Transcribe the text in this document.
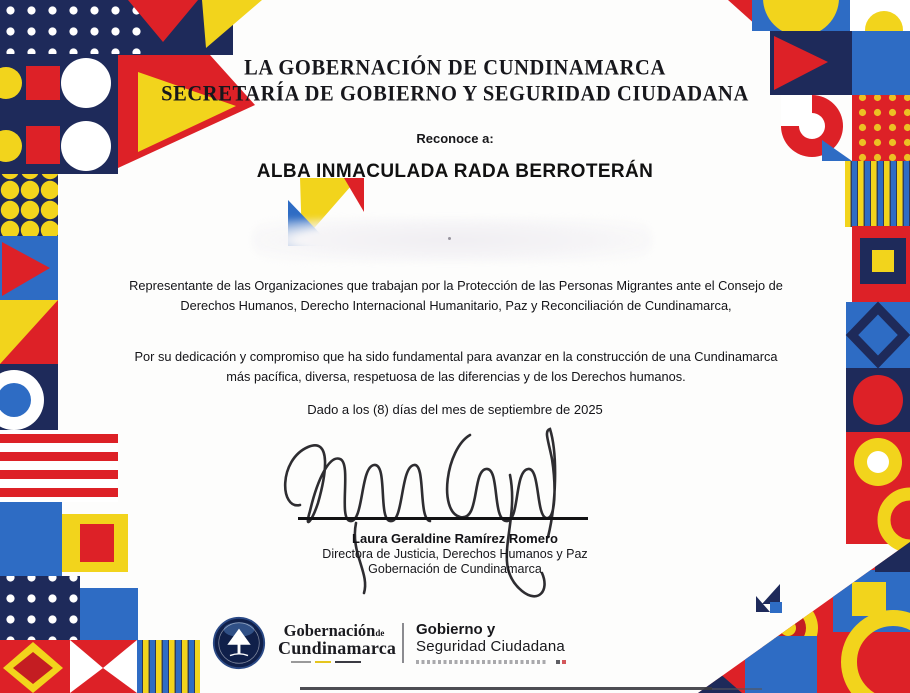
LA GOBERNACIÓN DE CUNDINAMARCA
SECRETARÍA DE GOBIERNO Y SEGURIDAD CIUDADANA
Reconoce a:
ALBA INMACULADA RADA BERROTERÁN
Representante de las Organizaciones que trabajan por la Protección de las Personas Migrantes ante el Consejo de Derechos Humanos, Derecho Internacional Humanitario, Paz y Reconciliación de Cundinamarca,
Por su dedicación y compromiso que ha sido fundamental para avanzar en la construcción de una Cundinamarca más pacífica, diversa, respetuosa de las diferencias y de los Derechos humanos.
Dado a los (8) días del mes de septiembre de 2025
Laura Geraldine Ramírez Romero
Directora de Justicia, Derechos Humanos y Paz
Gobernación de Cundinamarca
Gobernaciónde
Cundinamarca
Gobierno y
Seguridad Ciudadana
